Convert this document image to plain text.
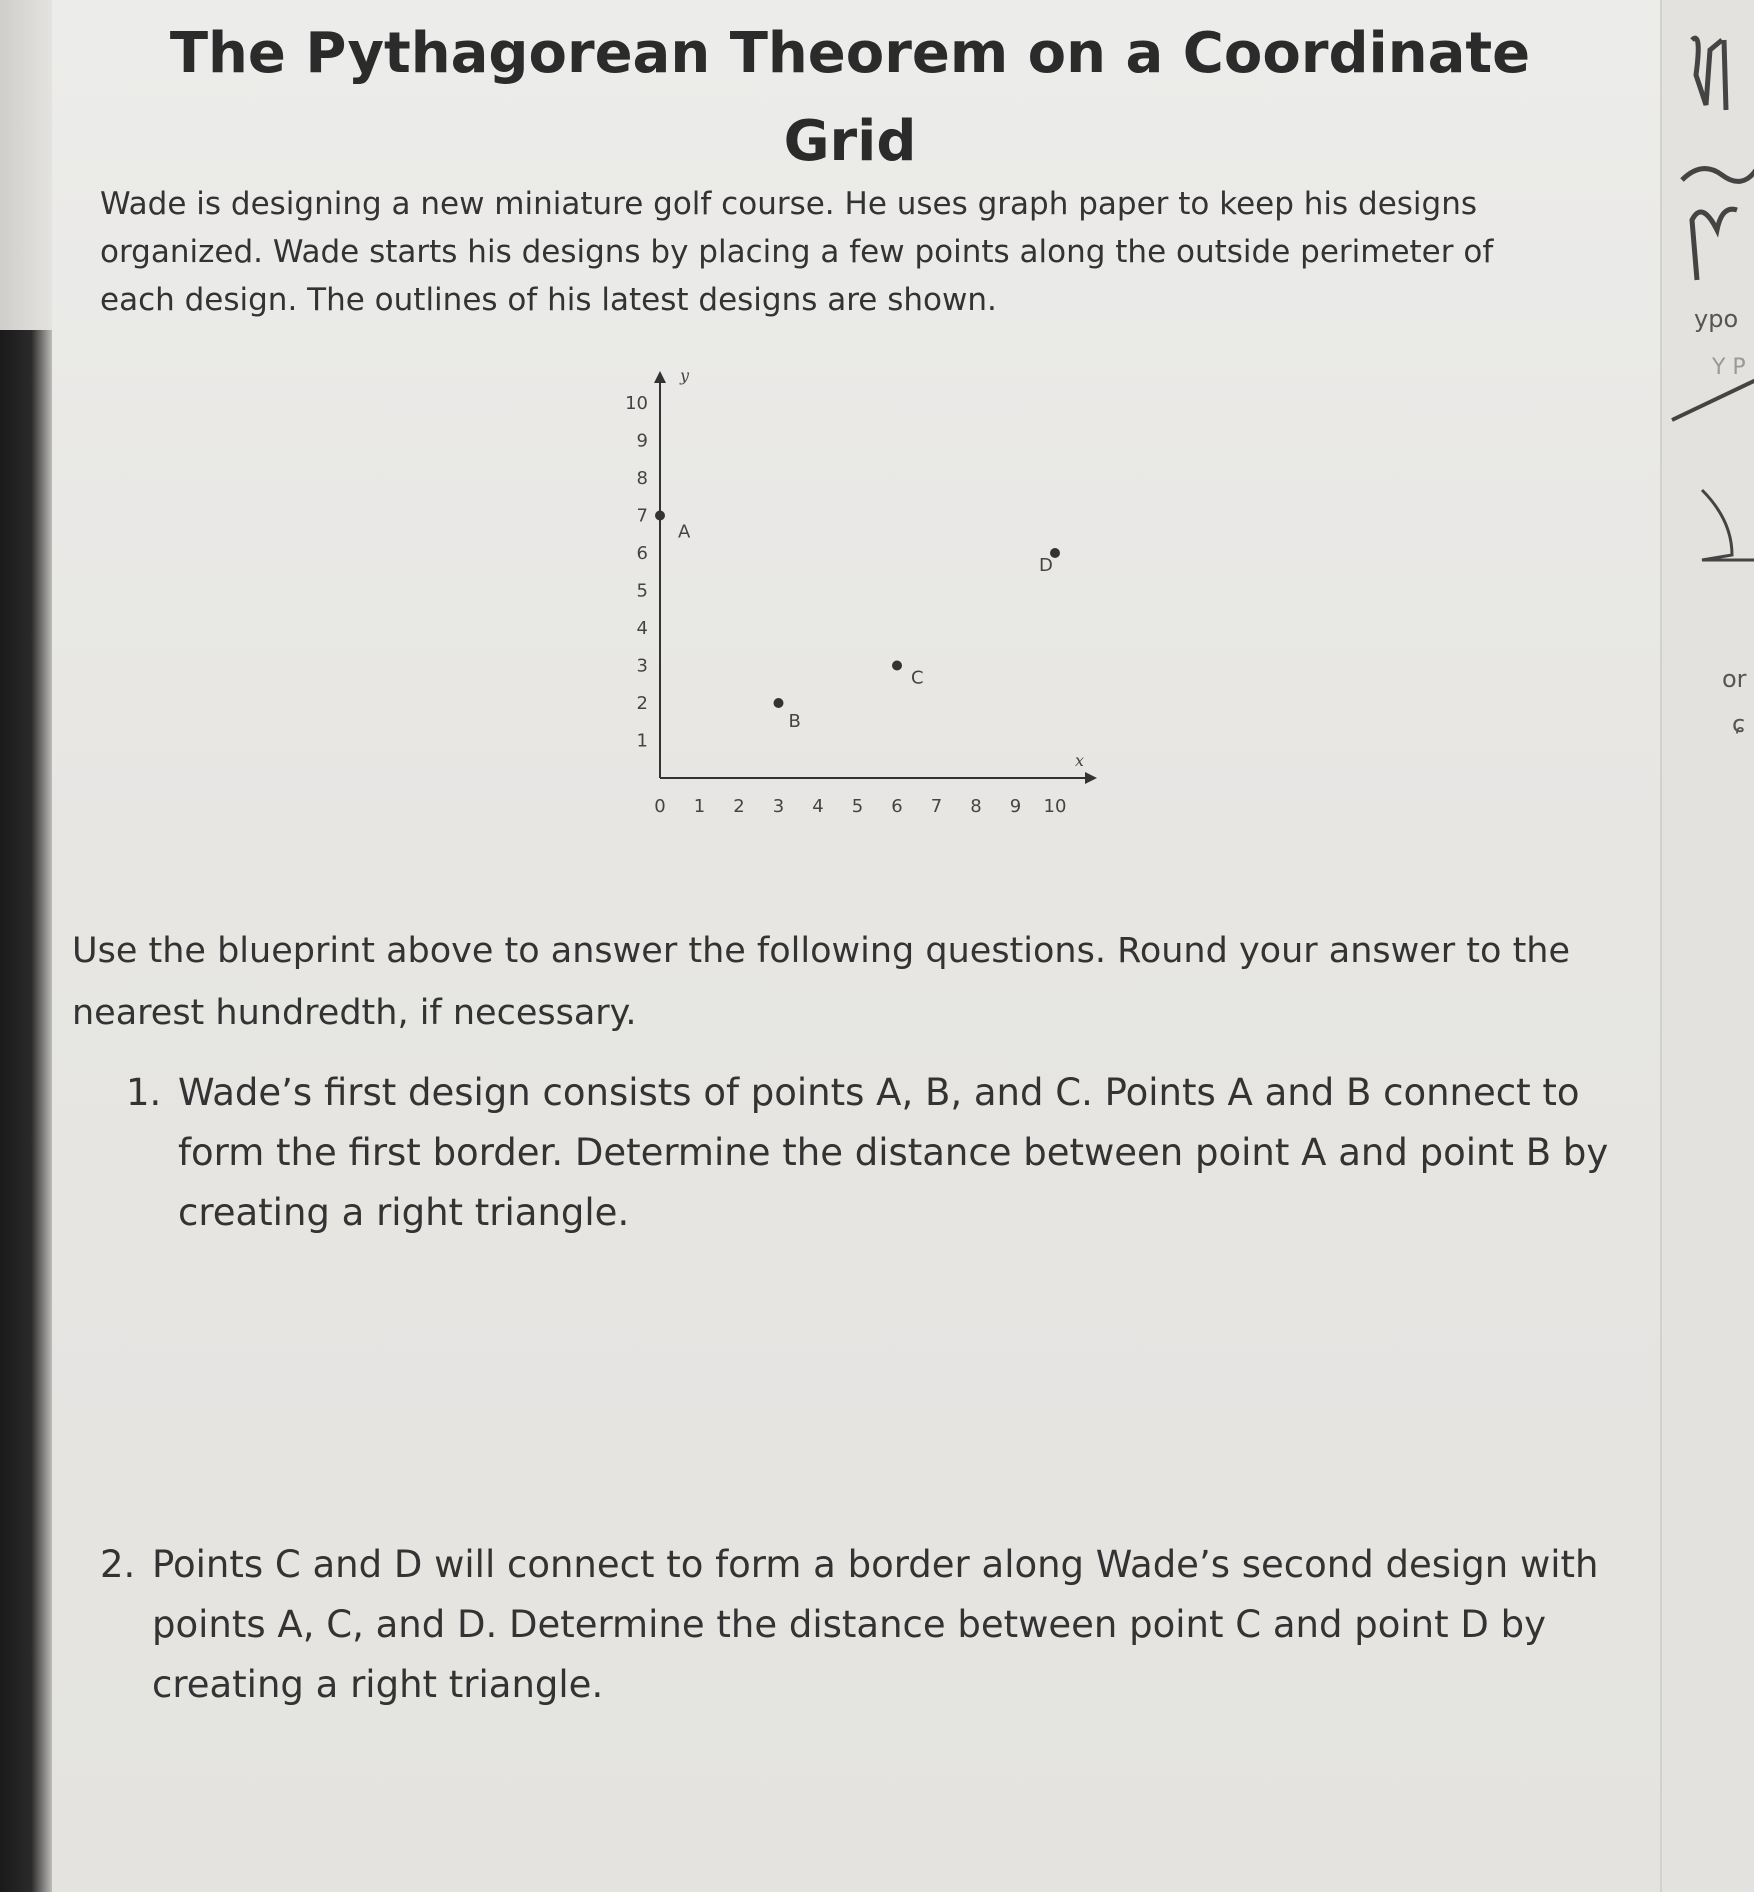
ypo
Y P
or
ɕ
The Pythagorean Theorem on a Coordinate Grid

Wade is designing a new miniature golf course. He uses graph paper to keep his designs organized. Wade starts his designs by placing a few points along the outside perimeter of each design. The outlines of his latest designs are shown.

y
x
0 1 2 3 4 5 6 7 8 9 10
1
2
3
4
5
6
7
8
9
10
A
B
C
D

Use the blueprint above to answer the following questions. Round your answer to the nearest hundredth, if necessary.

1. Wade’s first design consists of points A, B, and C. Points A and B connect to form the first border. Determine the distance between point A and point B by creating a right triangle.
2. Points C and D will connect to form a border along Wade’s second design with points A, C, and D. Determine the distance between point C and point D by creating a right triangle.
